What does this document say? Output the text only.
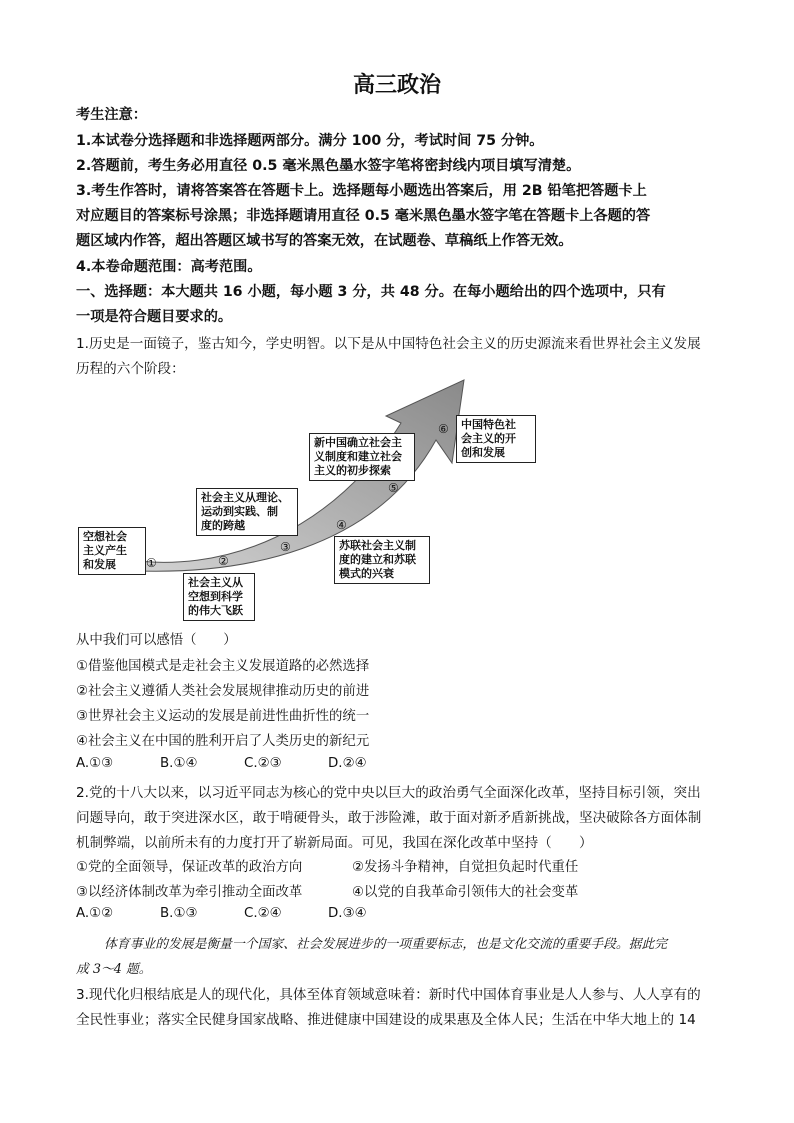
高三政治
考生注意：
1.本试卷分选择题和非选择题两部分。满分 100 分，考试时间 75 分钟。
2.答题前，考生务必用直径 0.5 毫米黑色墨水签字笔将密封线内项目填写清楚。
3.考生作答时，请将答案答在答题卡上。选择题每小题选出答案后，用 2B 铅笔把答题卡上
对应题目的答案标号涂黑；非选择题请用直径 0.5 毫米黑色墨水签字笔在答题卡上各题的答
题区域内作答，超出答题区域书写的答案无效，在试题卷、草稿纸上作答无效。
4.本卷命题范围：高考范围。
一、选择题：本大题共 16 小题，每小题 3 分，共 48 分。在每小题给出的四个选项中，只有
一项是符合题目要求的。
1.历史是一面镜子，鉴古知今，学史明智。以下是从中国特色社会主义的历史源流来看世界社会主义发展
历程的六个阶段：
空想社会
主义产生
和发展	①
社会主义从
空想到科学
的伟大飞跃
②
社会主义从理论、
运动到实践、制
度的跨越
③	苏联社会主义制
度的建立和苏联
模式的兴衰
④
新中国确立社会主
义制度和建立社会
主义的初步探索
⑤
中国特色社
会主义的开
创和发展
⑥
从中我们可以感悟（　　）
①借鉴他国模式是走社会主义发展道路的必然选择
②社会主义遵循人类社会发展规律推动历史的前进
③世界社会主义运动的发展是前进性曲折性的统一
④社会主义在中国的胜利开启了人类历史的新纪元
A.①③	B.①④	C.②③	D.②④
2.党的十八大以来，以习近平同志为核心的党中央以巨大的政治勇气全面深化改革，坚持目标引领，突出
问题导向，敢于突进深水区，敢于啃硬骨头，敢于涉险滩，敢于面对新矛盾新挑战，坚决破除各方面体制
机制弊端，以前所未有的力度打开了崭新局面。可见，我国在深化改革中坚持（　　）
①党的全面领导，保证改革的政治方向	②发扬斗争精神，自觉担负起时代重任
③以经济体制改革为牵引推动全面改革	④以党的自我革命引领伟大的社会变革
A.①②	B.①③	C.②④	D.③④
体育事业的发展是衡量一个国家、社会发展进步的一项重要标志，也是文化交流的重要手段。据此完
成 3～4 题。
3.现代化归根结底是人的现代化，具体至体育领域意味着：新时代中国体育事业是人人参与、人人享有的
全民性事业；落实全民健身国家战略、推进健康中国建设的成果惠及全体人民；生活在中华大地上的 14
